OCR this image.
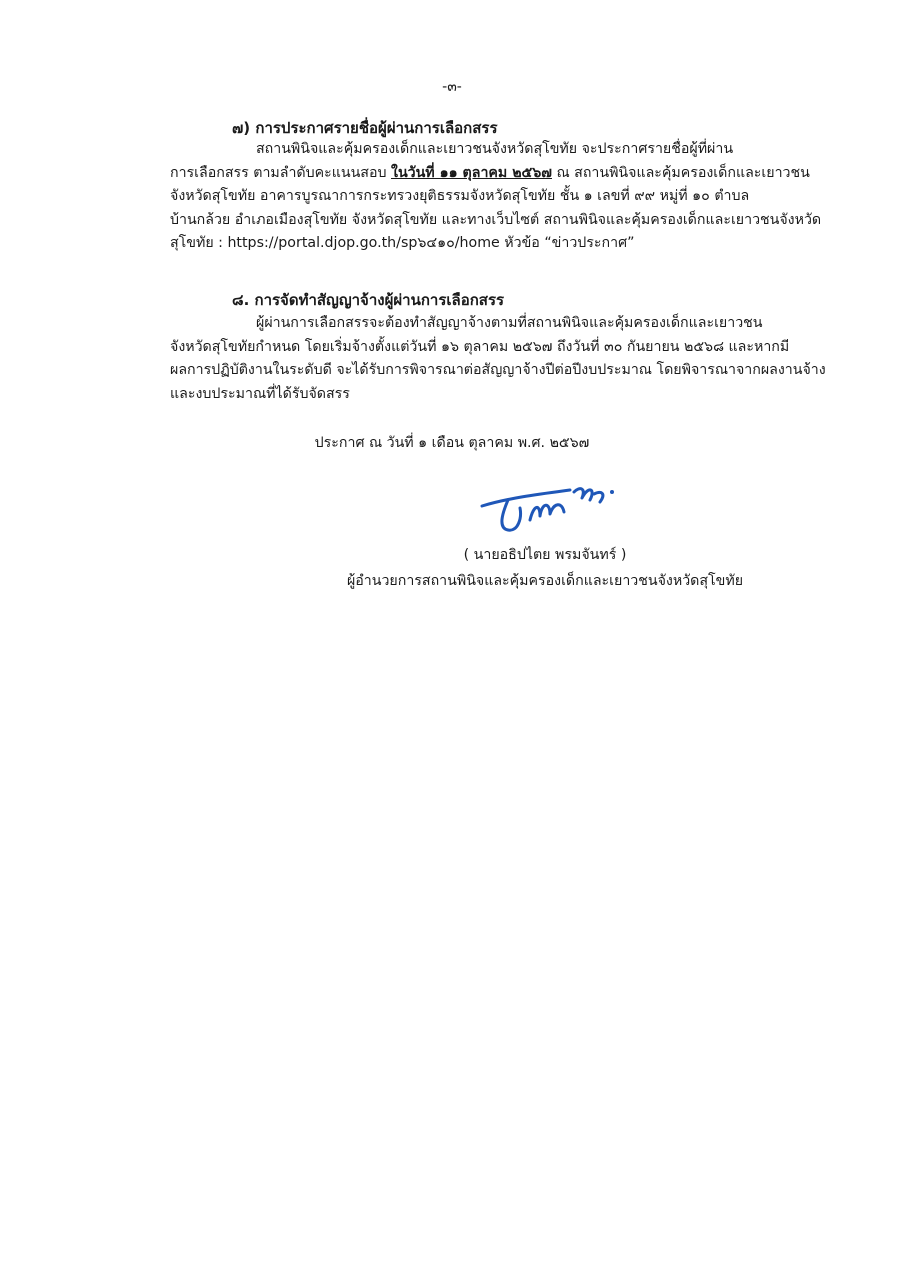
-๓-
๗) การประกาศรายชื่อผู้ผ่านการเลือกสรร
สถานพินิจและคุ้มครองเด็กและเยาวชนจังหวัดสุโขทัย จะประกาศรายชื่อผู้ที่ผ่าน
การเลือกสรร ตามลำดับคะแนนสอบ ในวันที่ ๑๑ ตุลาคม ๒๕๖๗ ณ สถานพินิจและคุ้มครองเด็กและเยาวชน
จังหวัดสุโขทัย อาคารบูรณาการกระทรวงยุติธรรมจังหวัดสุโขทัย ชั้น ๑ เลขที่ ๙๙ หมู่ที่ ๑๐ ตำบล
บ้านกล้วย อำเภอเมืองสุโขทัย จังหวัดสุโขทัย และทางเว็บไซต์ สถานพินิจและคุ้มครองเด็กและเยาวชนจังหวัด
สุโขทัย : https://portal.djop.go.th/sp๖๔๑๐/home หัวข้อ “ข่าวประกาศ”
๘. การจัดทำสัญญาจ้างผู้ผ่านการเลือกสรร
ผู้ผ่านการเลือกสรรจะต้องทำสัญญาจ้างตามที่สถานพินิจและคุ้มครองเด็กและเยาวชน
จังหวัดสุโขทัยกำหนด โดยเริ่มจ้างตั้งแต่วันที่ ๑๖ ตุลาคม ๒๕๖๗ ถึงวันที่ ๓๐ กันยายน ๒๕๖๘ และหากมี
ผลการปฏิบัติงานในระดับดี จะได้รับการพิจารณาต่อสัญญาจ้างปีต่อปีงบประมาณ โดยพิจารณาจากผลงานจ้าง
และงบประมาณที่ได้รับจัดสรร
ประกาศ ณ วันที่ ๑ เดือน ตุลาคม พ.ศ. ๒๕๖๗
( นายอธิปไตย พรมจันทร์ )
ผู้อำนวยการสถานพินิจและคุ้มครองเด็กและเยาวชนจังหวัดสุโขทัย
